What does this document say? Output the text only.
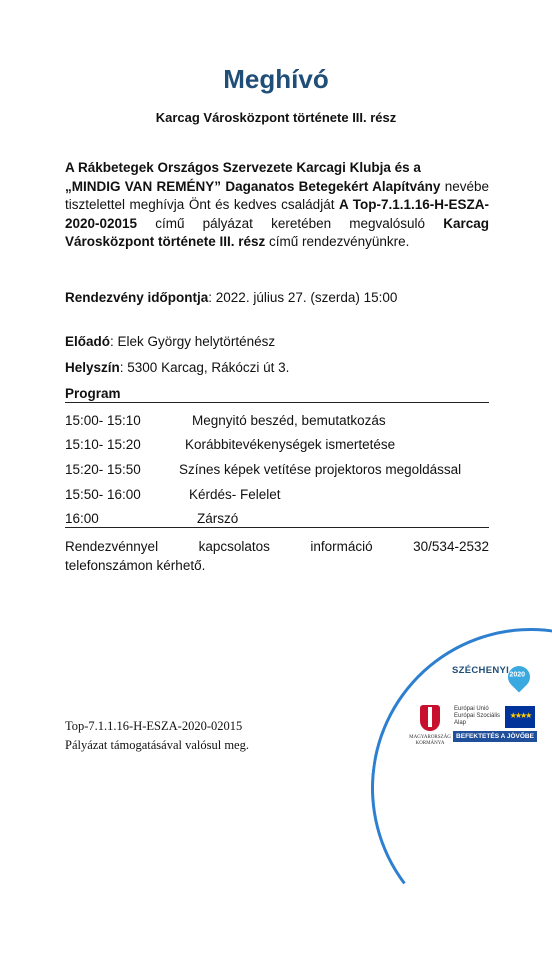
Meghívó
Karcag Városközpont története III. rész
A Rákbetegek Országos Szervezete Karcagi Klubja és a
„MINDIG VAN REMÉNY” Daganatos Betegekért Alapítvány nevébe tisztelettel meghívja Önt és kedves családját A Top-7.1.1.16-H-ESZA-2020-02015 című pályázat keretében megvalósuló Karcag Városközpont története III. rész című rendezvényünkre.
Rendezvény időpontja: 2022. július 27. (szerda) 15:00
Előadó: Elek György helytörténész
Helyszín: 5300 Karcag, Rákóczi út 3.
Program
15:00- 15:10	Megnyitó beszéd, bemutatkozás
15:10- 15:20	Korábbitevékenységek ismertetése
15:20- 15:50	Színes képek vetítése projektoros megoldással
15:50- 16:00	Kérdés- Felelet
16:00	Zárszó
Rendezvénnyel	kapcsolatos	információ	30/534-2532
telefonszámon kérhető.
Top-7.1.1.16-H-ESZA-2020-02015
Pályázat támogatásával valósul meg.
SZÉCHENYI 2020
MAGYARORSZÁG
KORMÁNYA
Európai Unió
Európai Szociális
Alap
★★★★
BEFEKTETÉS A JÖVŐBE
